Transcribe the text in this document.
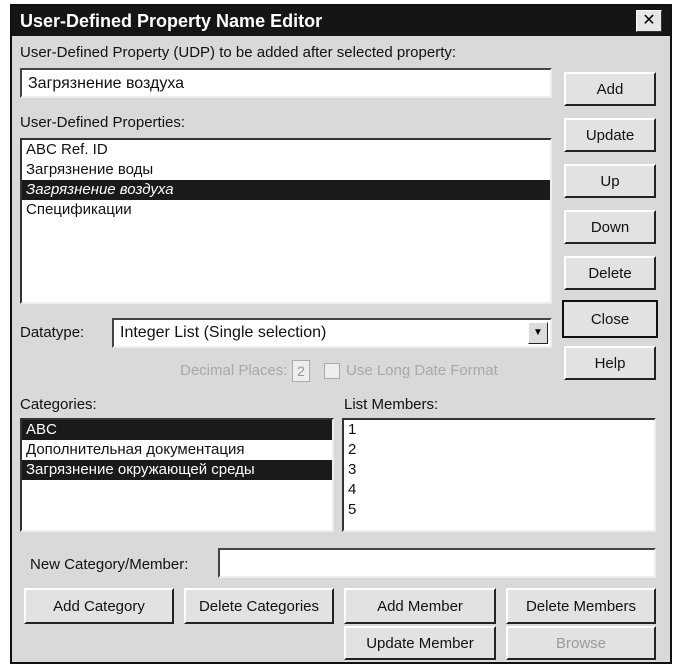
User-Defined Property Name Editor	✕
User-Defined Property (UDP) to be added after selected property:
Загрязнение воздуха
User-Defined Properties:
ABC Ref. ID
Загрязнение воды
Загрязнение воздуха
Спецификации
Add
Update
Up
Down
Delete
Close
Help
Datatype: Integer List (Single selection)	▼
Decimal Places: 2	Use Long Date Format
Categories:
ABC
Дополнительная документация
Загрязнение окружающей среды
List Members:
1
2
3
4
5
New Category/Member:
Add Category	Delete Categories	Add Member	Delete Members
Update Member	Browse
